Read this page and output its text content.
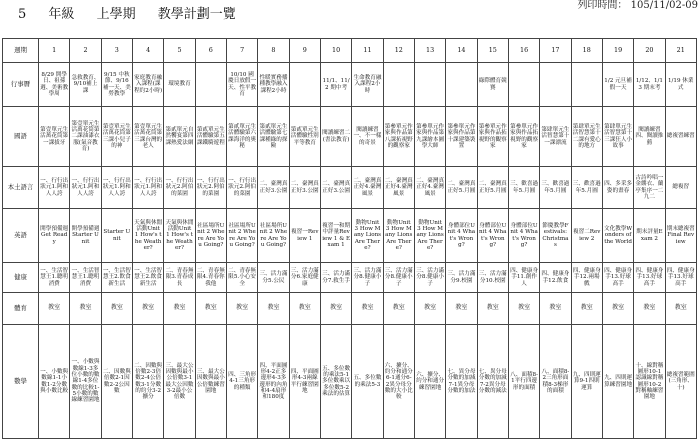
5 年級 上學期 教學計劃一覽
列印時間： 105/11/02-09
週期	1	2	3	4	5	6	7	8	9	10	11	12	13	14	15	16	17	18	19	20	21
行事曆	8/29 開學日、祖孫週、美術教學周	急救教育、9/10補上課	9/15 中秋節、9/16補一天、美勞教學	家庭教育融入課程(課程約2小時)	環境教育		10/10 國慶日放假一天、性平教育	性暖實務播種教學融入課程2小時		11/1、11/2 期中考	生命教育融入課程2小時				綠際體育競賽				1/2 元旦補假一天	1/12、1/13 期末考	1/19 休業式
國語	第壹單元生活萬花筒第一課拔牙	第壹單元生活萬花筒第二課油漆衣服(氣音教育)	第壹單元生活萬花筒第三課小兒子的神	第壹單元生活萬花筒第三課台灣的老人	第貳單元自然饗宴第四課熱愛法網	第貳單元生活體驗第五課鐵騎遊程	第貳單元生活體驗第六課海洋的奧秘	第貳單元生活體驗第七課種綠的探險	第貳單元生活體驗性別平等教育	閱讀練習二(書法教育)	閱讀練習一、不一樣的奇景	第參單元作家與作品第八課拓視野的觀察家	第參單元作家與作品第九課繪本圖學大師	第參單元作家與作品第十課建築裝置	第參單元作家與作品拓視野的觀察家	第參單元作家與作品拓視野的觀察家	第肆單元生活智慧第十一課漂流	第肆單元生活智慧第十二課有愛心的地方	第肆單元生活智慧第十三課狂人小故事	閱讀練習四、閱讀推薦	總複習練習
本土語言	一、行行出狀元1.阿和人人誇	一、行行出狀元1.阿和人人誇	一、行行出狀元1.阿和人人誇	一、行行出狀元1.阿和人人誇	一、行行出狀元2.阿伯的菜園	一、行行出狀元2.阿伯的菜園	一、行行出狀元2.阿伯的菜園	二、臺灣真正好3.公園	二、臺灣真正好3.公園	二、臺灣真正好3.公園	二、臺灣真正好4.臺灣風景	二、臺灣真正好4.臺灣風景	二、臺灣真正好4.臺灣風景	二、臺灣真正好5.月圓	二、臺灣真正好5.月圓	三、歡喜過年5.月圓	三、歡喜過年5.月圓	三、歡喜過年5.月圓	四、多采多姿的畫春	古詩吟唱一金縷衣、蘭亭集序一二九二	總複習
英語	開學預備週Get Ready	開學預備週Starter Unit	Starter Unit	天氣與休閒活動Unit 1 How's the Weather?	天氣與休閒活動Unit 1 How's the Weather?	社區場所Unit 2 Where Are You Going?	社區場所Unit 2 Where Are You Going?	社區場所Unit 2 Where Are You Going?	複習一Review 1	複習一和期中評量Review 1 & Exam 1	動物Unit 3 How Many Lions Are There?	動物Unit 3 How Many Lions Are There?	動物Unit 3 How Many Lions Are There?	身體部位Unit 4 What's Wrong?	身體部位Unit 4 What's Wrong?	身體部位Unit 4 What's Wrong?	節慶教學Festivals: Christmas	複習二Review 2	文化教學Wonders of the World	期末評量Exam 2	期末總複習Final Review
健康	一、生活智慧王1.聰明消費	一、生活智慧王1.聰明消費	一、生活智慧王2.飲食新生活	一、生活智慧王2.飲食新生活	二、青春無限3.青春成長	二、青春無限4.青春你我他	二、青春無限5.小心安全	三、活力滿分5.公民	三、活力滿分6.家庭健康	三、活力滿分7.救生手	三、活力滿分8.健康小子	三、活力滿分8.健康小子	三、活力滿分8.健康小子	三、活力滿分9.校園	三、活力滿分10.校園	四、健康身手11.創作人	四、健康身手12.飲食	四、健康身手12.兩場戲	四、健康身手13.好球高手	四、健康身手13.好球高手	四、健康身手13.好球高手
體育	教室	教室	教室	教室	教室	教室	教室	教室	教室	教室	教室	教室	教室	教室	教室	教室	教室	教室	教室	教室	教室
數學	一、小數與數線1-1小數1-2分數與小數比較	一、小數與數線1-3多位小數的數線1-4多位數的比較1-5小數的數線練習園地	二、因數與倍數2-1因數2-2公因數	二、因數與倍數2-3倍數2-4公倍數3-1分數的約分3-2擴分	三、最大公因數與最小公倍數3-1最大公因數3-2最小公倍數	三、最大公因數與最小公倍數練習園地	四、三角形4-1三角形的種類	四、平面圖形4-2正多邊形4-3多邊形的內角和4-4扇形和180度	四、平面圖形4-3兩線平行練習園地	五、多位數的乘法5-1多位數乘以多位數5-2乘法的估算	五、多位數的乘法5-3	六、擴分、約分和通分6-1通分6-2異分母分數的大小比較	六、擴分、約分和通分練習園地	七、異分母分數的加減7-1異分母分數的加法	七、異分母分數的加減7-2異分母分數的減法	八、面積8-1平行四邊形的面積	八、面積8-2三角形面積8-3梯形的面積	九、四則運算9-1四則運算	九、四則運算練習園地	十、線對稱圖形10-1認識線對稱圖形10-2對稱軸練習園地	總複習範圍(三角形、十)
